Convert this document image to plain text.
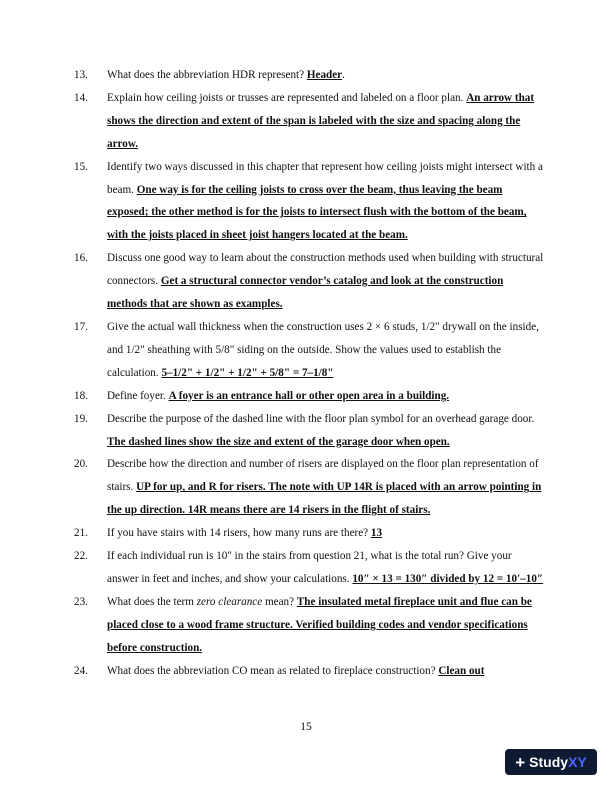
13. What does the abbreviation HDR represent? Header.
14. Explain how ceiling joists or trusses are represented and labeled on a floor plan. An arrow that shows the direction and extent of the span is labeled with the size and spacing along the arrow.
15. Identify two ways discussed in this chapter that represent how ceiling joists might intersect with a beam. One way is for the ceiling joists to cross over the beam, thus leaving the beam exposed; the other method is for the joists to intersect flush with the bottom of the beam, with the joists placed in sheet joist hangers located at the beam.
16. Discuss one good way to learn about the construction methods used when building with structural connectors. Get a structural connector vendor’s catalog and look at the construction methods that are shown as examples.
17. Give the actual wall thickness when the construction uses 2 × 6 studs, 1/2" drywall on the inside, and 1/2" sheathing with 5/8" siding on the outside. Show the values used to establish the calculation. 5–1/2" + 1/2" + 1/2" + 5/8" = 7–1/8"
18. Define foyer. A foyer is an entrance hall or other open area in a building.
19. Describe the purpose of the dashed line with the floor plan symbol for an overhead garage door. The dashed lines show the size and extent of the garage door when open.
20. Describe how the direction and number of risers are displayed on the floor plan representation of stairs. UP for up, and R for risers. The note with UP 14R is placed with an arrow pointing in the up direction. 14R means there are 14 risers in the flight of stairs.
21. If you have stairs with 14 risers, how many runs are there? 13
22. If each individual run is 10" in the stairs from question 21, what is the total run? Give your answer in feet and inches, and show your calculations. 10″ × 13 = 130″ divided by 12 = 10′–10″
23. What does the term zero clearance mean? The insulated metal fireplace unit and flue can be placed close to a wood frame structure. Verified building codes and vendor specifications before construction.
24. What does the abbreviation CO mean as related to fireplace construction? Clean out
15
+ Study XY
